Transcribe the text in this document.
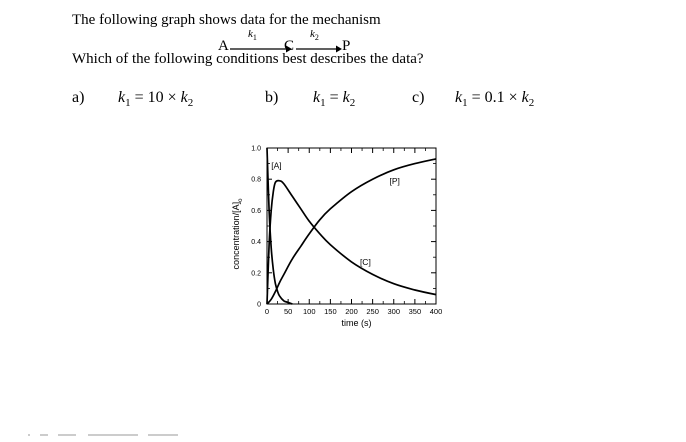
The following graph shows data for the mechanism
A
$k_1$
C
$k_2$
P
Which of the following conditions best describes the data?
a) $k_1 = 10 \times k_2$	b) $k_1 = k_2$	c) $k_1 = 0.1 \times k_2$
0 50 100 150 200 250 300 350 400
0
0.2
0.4
0.6
0.8
1.0
time (s)
concentration/$[A]_o$
[A]
[P]
[C]
